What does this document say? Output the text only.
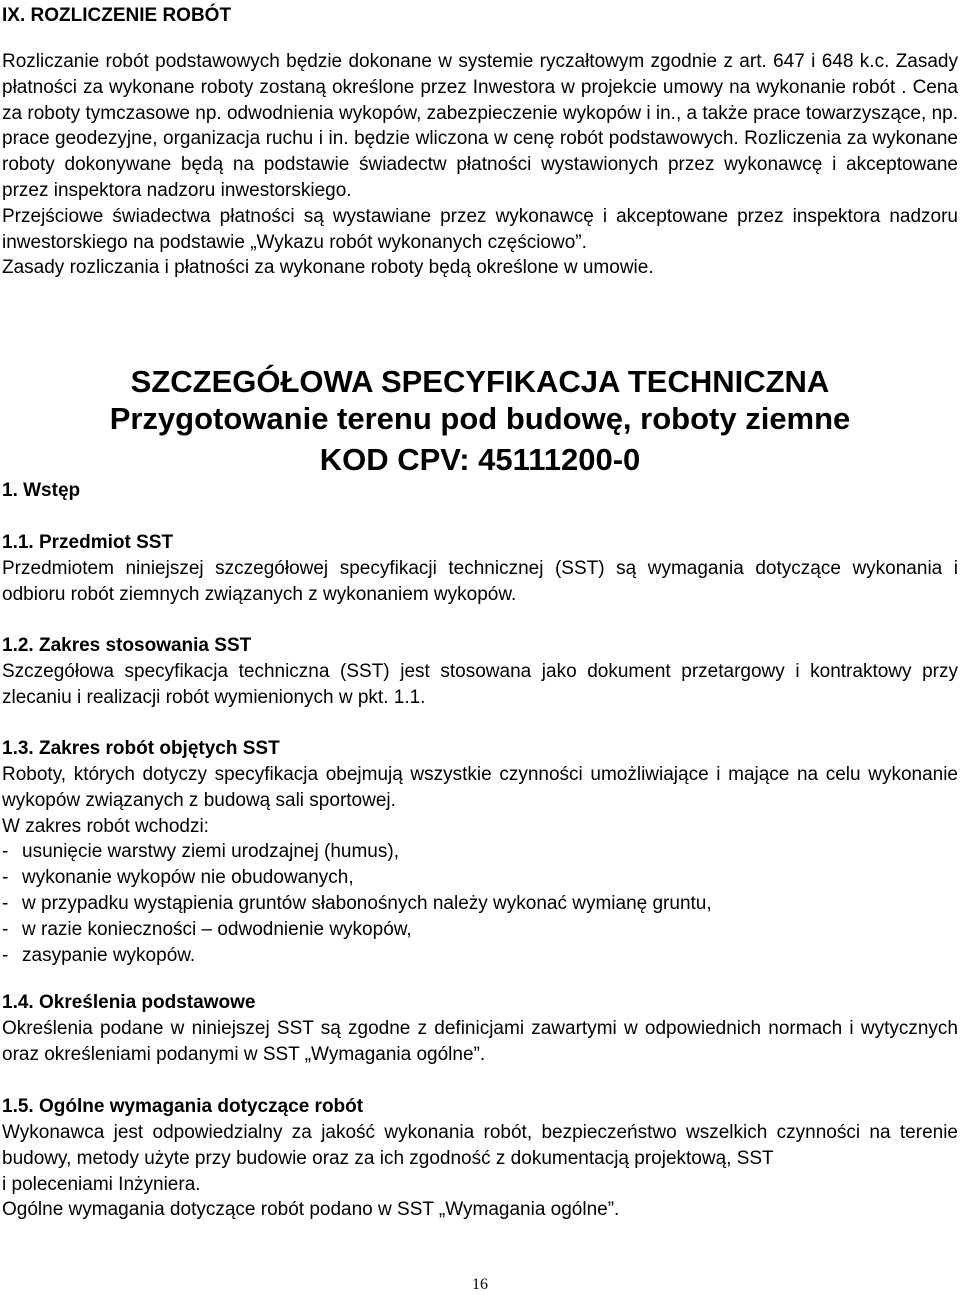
IX. ROZLICZENIE ROBÓT
Rozliczanie robót podstawowych będzie dokonane w systemie ryczałtowym zgodnie z art. 647 i 648 k.c. Zasady płatności za wykonane roboty zostaną określone przez Inwestora w projekcie umowy na wykonanie robót . Cena za roboty tymczasowe np. odwodnienia wykopów, zabezpieczenie wykopów i in., a także prace towarzyszące, np. prace geodezyjne, organizacja ruchu i in. będzie wliczona w cenę robót podstawowych. Rozliczenia za wykonane roboty dokonywane będą na podstawie świadectw płatności wystawionych przez wykonawcę i akceptowane przez inspektora nadzoru inwestorskiego.
Przejściowe świadectwa płatności są wystawiane przez wykonawcę i akceptowane przez inspektora nadzoru inwestorskiego na podstawie „Wykazu robót wykonanych częściowo”.
Zasady rozliczania i płatności za wykonane roboty będą określone w umowie.
SZCZEGÓŁOWA SPECYFIKACJA TECHNICZNA
Przygotowanie terenu pod budowę, roboty ziemne
KOD CPV: 45111200-0
1. Wstęp
1.1. Przedmiot SST
Przedmiotem niniejszej szczegółowej specyfikacji technicznej (SST) są wymagania dotyczące wykonania i odbioru robót ziemnych związanych z wykonaniem wykopów.
1.2. Zakres stosowania SST
Szczegółowa specyfikacja techniczna (SST) jest stosowana jako dokument przetargowy i kontraktowy przy zlecaniu i realizacji robót wymienionych w pkt. 1.1.
1.3. Zakres robót objętych SST
Roboty, których dotyczy specyfikacja obejmują wszystkie czynności umożliwiające i mające na celu wykonanie wykopów związanych z budową sali sportowej.
W zakres robót wchodzi:
- usunięcie warstwy ziemi urodzajnej (humus),
- wykonanie wykopów nie obudowanych,
- w przypadku wystąpienia gruntów słabonośnych należy wykonać wymianę gruntu,
- w razie konieczności – odwodnienie wykopów,
- zasypanie wykopów.
1.4. Określenia podstawowe
Określenia podane w niniejszej SST są zgodne z definicjami zawartymi w odpowiednich normach i wytycznych oraz określeniami podanymi w SST „Wymagania ogólne”.
1.5. Ogólne wymagania dotyczące robót
Wykonawca jest odpowiedzialny za jakość wykonania robót, bezpieczeństwo wszelkich czynności na terenie budowy, metody użyte przy budowie oraz za ich zgodność z dokumentacją projektową, SST
i poleceniami Inżyniera.
Ogólne wymagania dotyczące robót podano w SST „Wymagania ogólne”.
16
